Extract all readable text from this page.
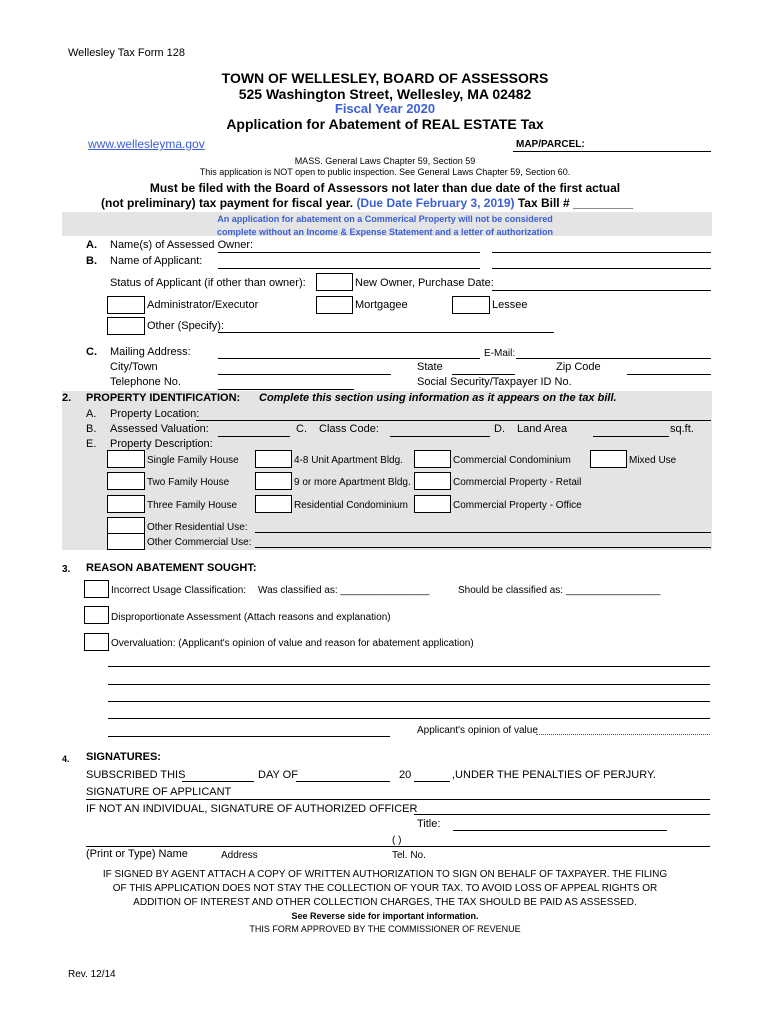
Wellesley Tax Form 128
TOWN OF WELLESLEY, BOARD OF ASSESSORS
525 Washington Street, Wellesley, MA 02482
Fiscal Year 2020
Application for Abatement of REAL ESTATE Tax
www.wellesleyma.gov	MAP/PARCEL:
MASS. General Laws Chapter 59, Section 59
This application is NOT open to public inspection. See General Laws Chapter 59, Section 60.
Must be filed with the Board of Assessors not later than due date of the first actual
(not preliminary) tax payment for fiscal year. (Due Date February 3, 2019) Tax Bill # _________
An application for abatement on a Commerical Property will not be considered
complete without an Income & Expense Statement and a letter of authorization
A. Name(s) of Assessed Owner:
B. Name of Applicant:
Status of Applicant (if other than owner):	New Owner, Purchase Date:
Administrator/Executor	Mortgagee	Lessee
Other (Specify):
C. Mailing Address:	E-Mail:
City/Town	State	Zip Code
Telephone No.	Social Security/Taxpayer ID No.
2. PROPERTY IDENTIFICATION: Complete this section using information as it appears on the tax bill.
A. Property Location:
B. Assessed Valuation:	C. Class Code:	D. Land Area	sq.ft.
E. Property Description:
Single Family House	4-8 Unit Apartment Bldg.	Commercial Condominium	Mixed Use
Two Family House	9 or more Apartment Bldg.	Commercial Property - Retail
Three Family House	Residential Condominium	Commercial Property - Office
Other Residential Use:
Other Commercial Use:
3. REASON ABATEMENT SOUGHT:
Incorrect Usage Classification: Was classified as: ________________	Should be classified as: _________________
Disproportionate Assessment (Attach reasons and explanation)
Overvaluation: (Applicant's opinion of value and reason for abatement application)
Applicant's opinion of value
4. SIGNATURES:
SUBSCRIBED THIS	DAY OF	20	,UNDER THE PENALTIES OF PERJURY.
SIGNATURE OF APPLICANT
IF NOT AN INDIVIDUAL, SIGNATURE OF AUTHORIZED OFFICER
Title:
( )
(Print or Type) Name	Address	Tel. No.
IF SIGNED BY AGENT ATTACH A COPY OF WRITTEN AUTHORIZATION TO SIGN ON BEHALF OF TAXPAYER. THE FILING
OF THIS APPLICATION DOES NOT STAY THE COLLECTION OF YOUR TAX. TO AVOID LOSS OF APPEAL RIGHTS OR
ADDITION OF INTEREST AND OTHER COLLECTION CHARGES, THE TAX SHOULD BE PAID AS ASSESSED.
See Reverse side for important information.
THIS FORM APPROVED BY THE COMMISSIONER OF REVENUE
Rev. 12/14
